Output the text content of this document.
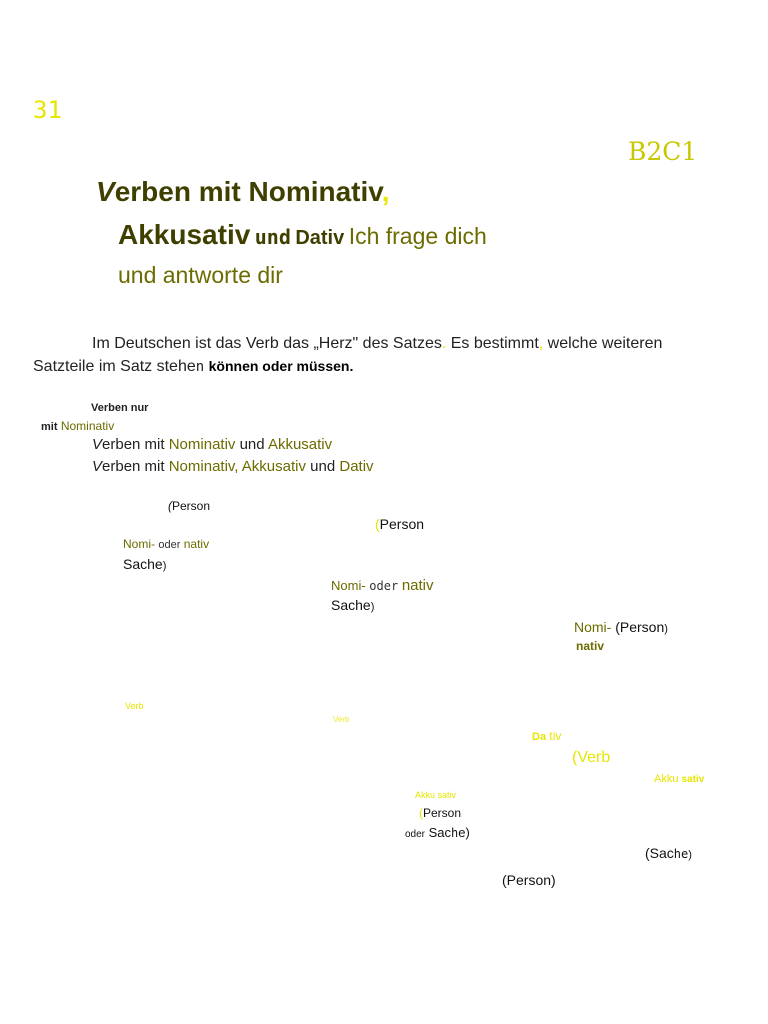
31
B2C1
Verben mit Nominativ,
Akkusativ und Dativ Ich frage dich
und antworte dir
Im Deutschen ist das Verb das „Herz" des Satzes. Es bestimmt, welche weiteren
Satzteile im Satz stehen können oder müssen.
Verben nur
mit Nominativ
Verben mit Nominativ und Akkusativ
Verben mit Nominativ, Akkusativ und Dativ
(Person
Nomi- oder nativ
Sache)
(Person
Nomi- oder nativ
Sache)
Nomi- (Person)
nativ
Verb
Verb
Da tiv
(Verb
Akku sativ
Akku sativ
(Person
oder Sache)
(Sache)
(Person)
